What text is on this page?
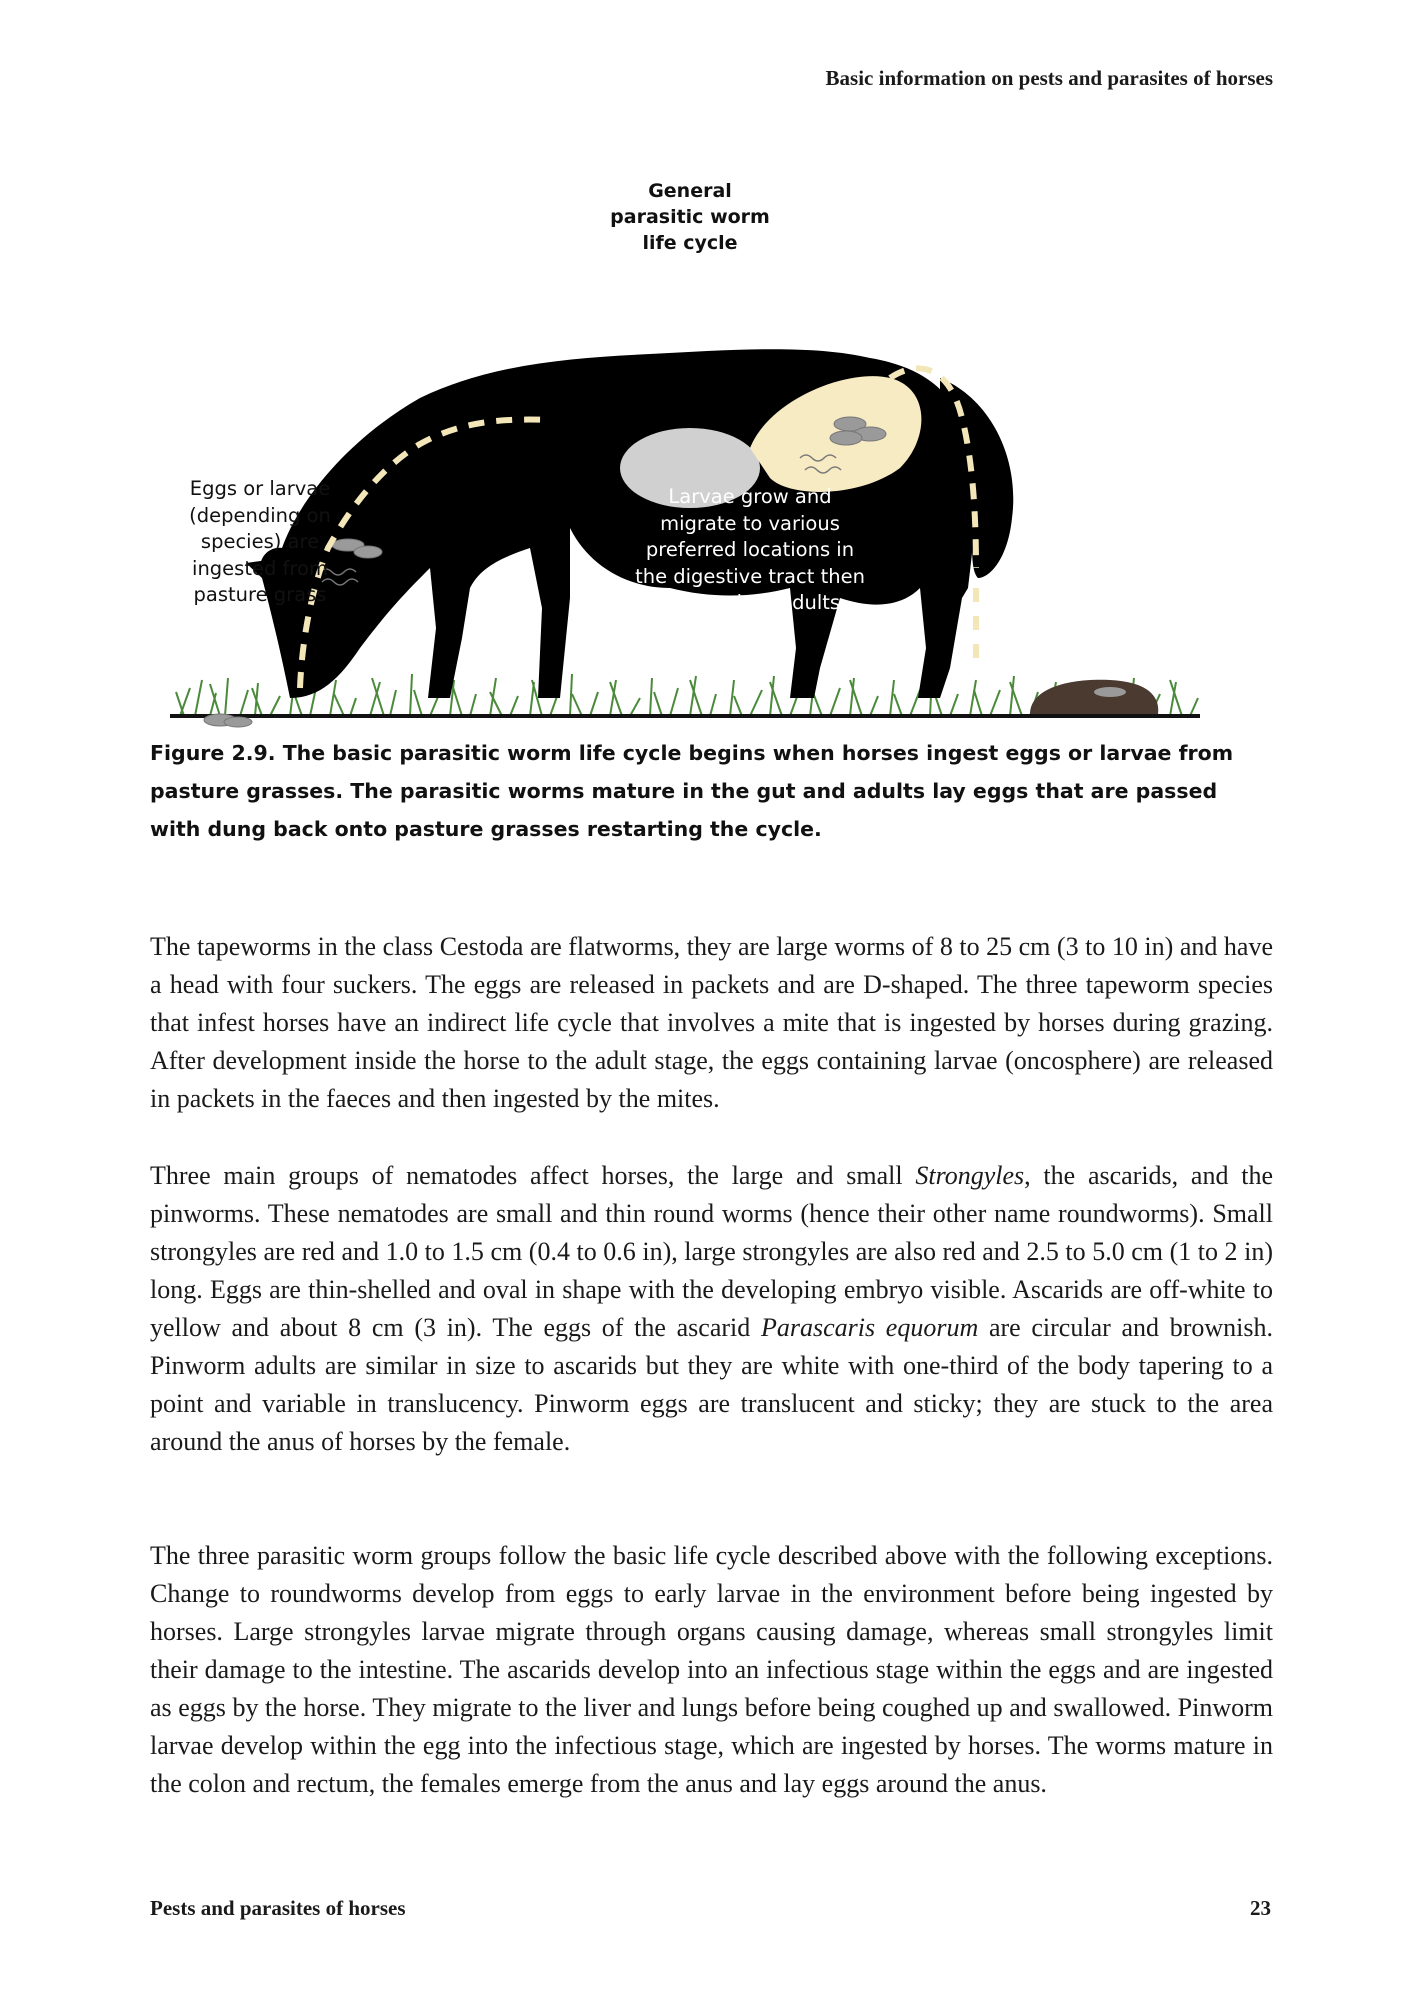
Basic information on pests and parasites of horses
General parasitic worm life cycle
Eggs or larvae (depending on species) are ingested from pasture grass
Larvae grow and migrate to various preferred locations in the digestive tract then mature into adults
As adults, worms lay eggs that are passed in dung to the pasture grass
Figure 2.9. The basic parasitic worm life cycle begins when horses ingest eggs or larvae from pasture grasses. The parasitic worms mature in the gut and adults lay eggs that are passed with dung back onto pasture grasses restarting the cycle.

The tapeworms in the class Cestoda are flatworms, they are large worms of 8 to 25 cm (3 to 10 in) and have a head with four suckers. The eggs are released in packets and are D-shaped. The three tapeworm species that infest horses have an indirect life cycle that involves a mite that is ingested by horses during grazing. After development inside the horse to the adult stage, the eggs containing larvae (oncosphere) are released in packets in the faeces and then ingested by the mites.

Three main groups of nematodes affect horses, the large and small Strongyles, the ascarids, and the pinworms. These nematodes are small and thin round worms (hence their other name roundworms). Small strongyles are red and 1.0 to 1.5 cm (0.4 to 0.6 in), large strongyles are also red and 2.5 to 5.0 cm (1 to 2 in) long. Eggs are thin-shelled and oval in shape with the developing embryo visible. Ascarids are off-white to yellow and about 8 cm (3 in). The eggs of the ascarid Parascaris equorum are circular and brownish. Pinworm adults are similar in size to ascarids but they are white with one-third of the body tapering to a point and variable in translucency. Pinworm eggs are translucent and sticky; they are stuck to the area around the anus of horses by the female.

The three parasitic worm groups follow the basic life cycle described above with the following exceptions. Change to roundworms develop from eggs to early larvae in the environment before being ingested by horses. Large strongyles larvae migrate through organs causing damage, whereas small strongyles limit their damage to the intestine. The ascarids develop into an infectious stage within the eggs and are ingested as eggs by the horse. They migrate to the liver and lungs before being coughed up and swallowed. Pinworm larvae develop within the egg into the infectious stage, which are ingested by horses. The worms mature in the colon and rectum, the females emerge from the anus and lay eggs around the anus.

Pests and parasites of horses	23
